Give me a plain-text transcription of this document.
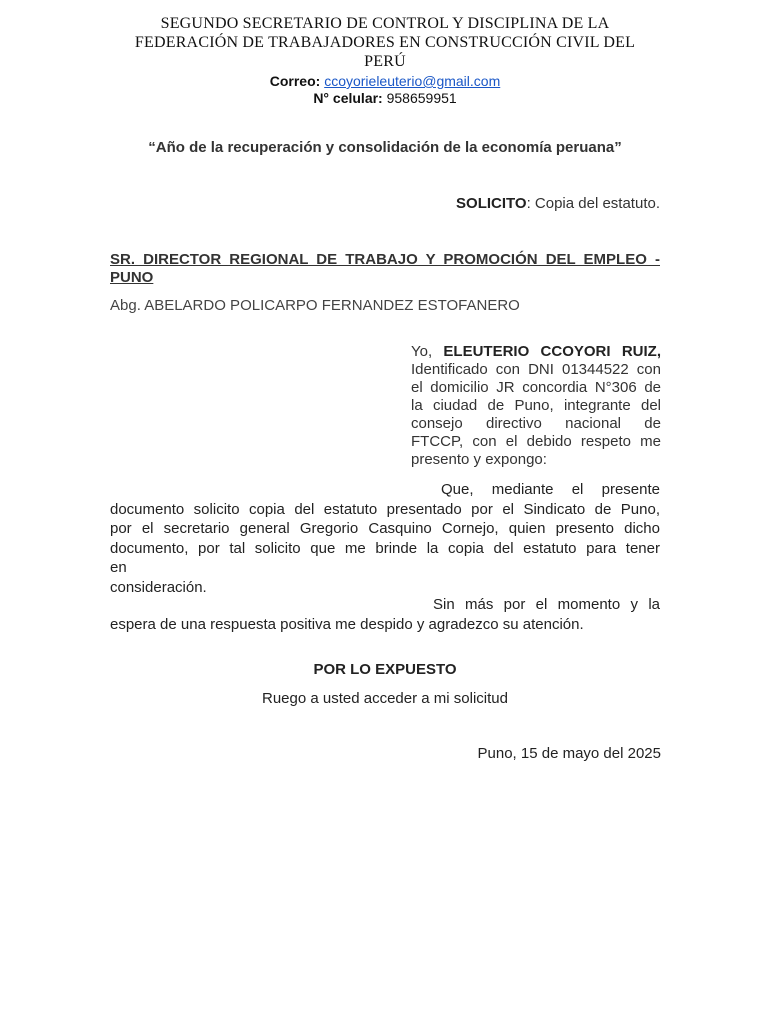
SEGUNDO SECRETARIO DE CONTROL Y DISCIPLINA DE LA
FEDERACIÓN DE TRABAJADORES EN CONSTRUCCIÓN CIVIL DEL
PERÚ
Correo: ccoyorieleuterio@gmail.com
N° celular: 958659951
“Año de la recuperación y consolidación de la economía peruana”
SOLICITO: Copia del estatuto.
SR. DIRECTOR REGIONAL DE TRABAJO Y PROMOCIÓN DEL EMPLEO -
PUNO
Abg. ABELARDO POLICARPO FERNANDEZ ESTOFANERO
Yo, ELEUTERIO CCOYORI RUIZ,
Identificado con DNI 01344522 con
el domicilio JR concordia N°306 de
la ciudad de Puno, integrante del
consejo directivo nacional de
FTCCP, con el debido respeto me
presento y expongo:
Que, mediante el presente
documento solicito copia del estatuto presentado por el Sindicato de Puno,
por el secretario general Gregorio Casquino Cornejo, quien presento dicho
documento, por tal solicito que me brinde la copia del estatuto para tener
en
consideración.
Sin más por el momento y la
espera de una respuesta positiva me despido y agradezco su atención.
POR LO EXPUESTO
Ruego a usted acceder a mi solicitud
Puno, 15 de mayo del 2025
